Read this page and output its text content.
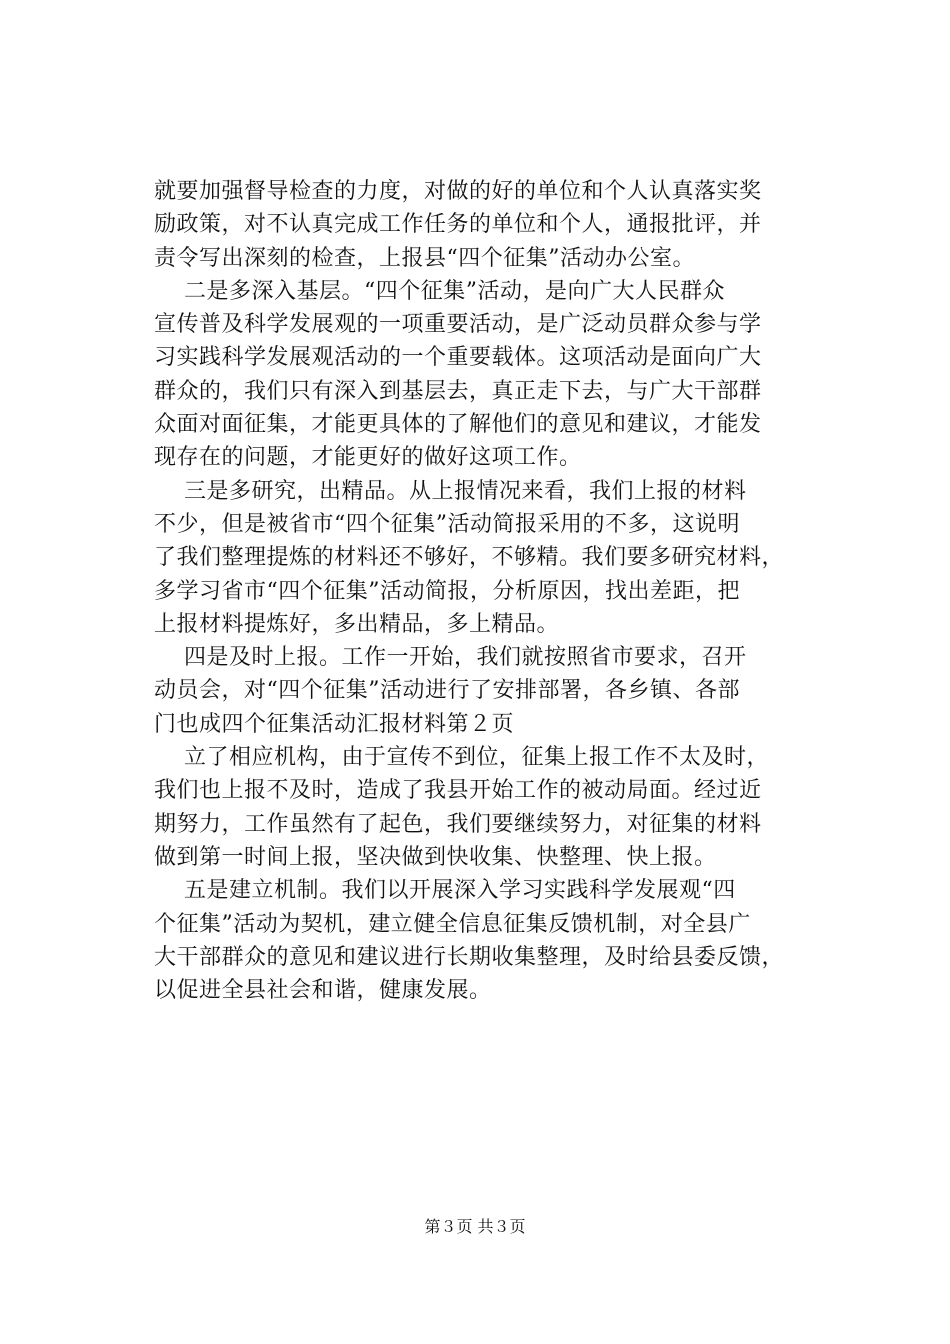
就要加强督导检查的力度，对做的好的单位和个人认真落实奖
励政策，对不认真完成工作任务的单位和个人，通报批评，并
责令写出深刻的检查，上报县“四个征集”活动办公室。
二是多深入基层。“四个征集”活动，是向广大人民群众
宣传普及科学发展观的一项重要活动，是广泛动员群众参与学
习实践科学发展观活动的一个重要载体。这项活动是面向广大
群众的，我们只有深入到基层去，真正走下去，与广大干部群
众面对面征集，才能更具体的了解他们的意见和建议，才能发
现存在的问题，才能更好的做好这项工作。
三是多研究，出精品。从上报情况来看，我们上报的材料
不少，但是被省市“四个征集”活动简报采用的不多，这说明
了我们整理提炼的材料还不够好，不够精。我们要多研究材料，
多学习省市“四个征集”活动简报，分析原因，找出差距，把
上报材料提炼好，多出精品，多上精品。
四是及时上报。工作一开始，我们就按照省市要求，召开
动员会，对“四个征集”活动进行了安排部署，各乡镇、各部
门也成四个征集活动汇报材料第２页
立了相应机构，由于宣传不到位，征集上报工作不太及时，
我们也上报不及时，造成了我县开始工作的被动局面。经过近
期努力，工作虽然有了起色，我们要继续努力，对征集的材料
做到第一时间上报，坚决做到快收集、快整理、快上报。
五是建立机制。我们以开展深入学习实践科学发展观“四
个征集”活动为契机，建立健全信息征集反馈机制，对全县广
大干部群众的意见和建议进行长期收集整理，及时给县委反馈，
以促进全县社会和谐，健康发展。
第３页 共３页
